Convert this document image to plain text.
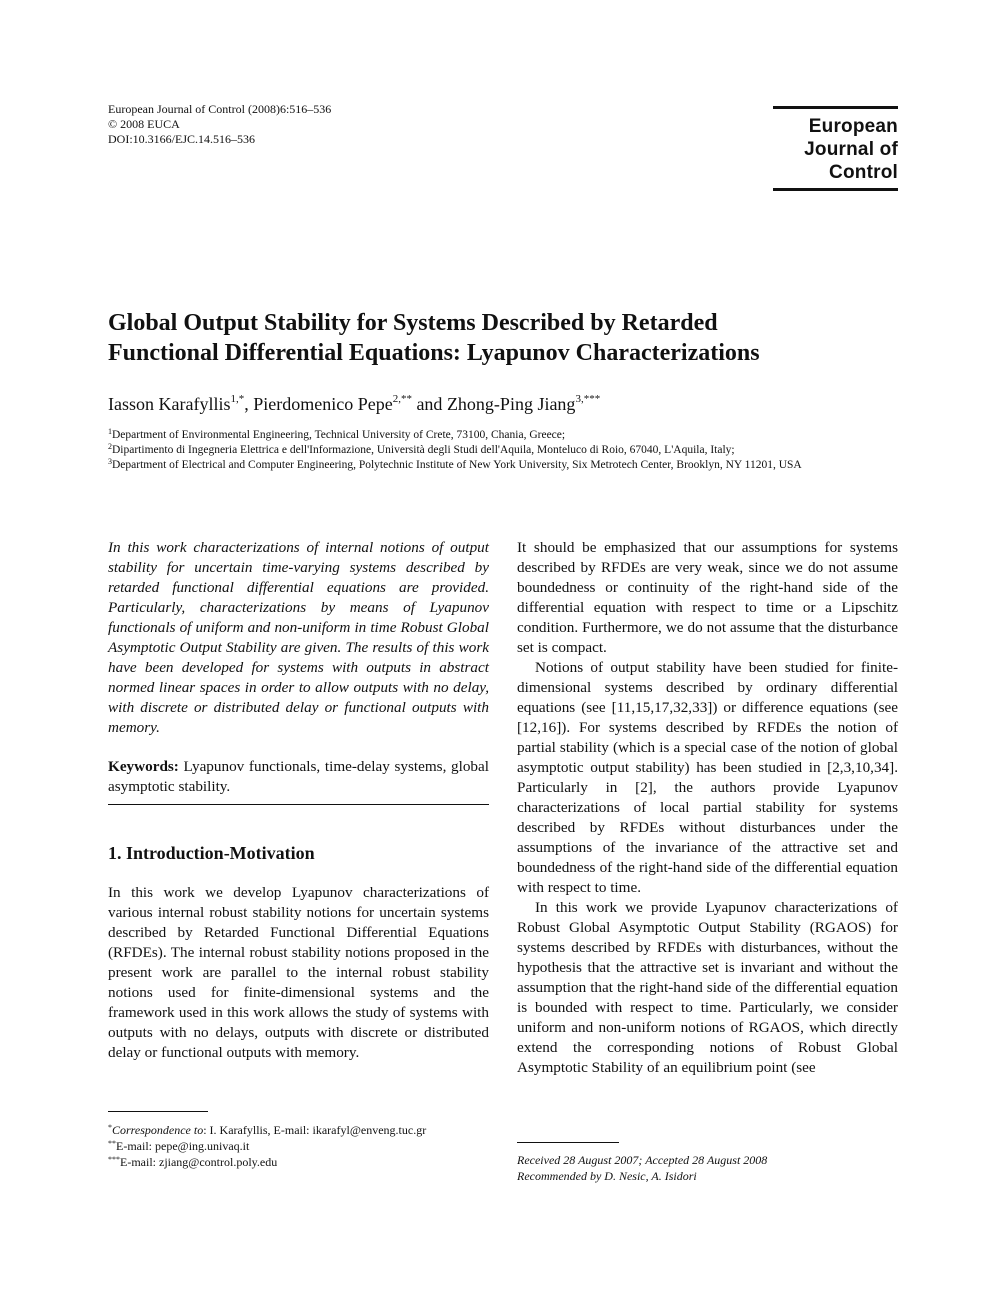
European Journal of Control (2008)6:516–536
© 2008 EUCA
DOI:10.3166/EJC.14.516–536
European
Journal of
Control
Global Output Stability for Systems Described by Retarded
Functional Differential Equations: Lyapunov Characterizations
Iasson Karafyllis$^{1,*}$, Pierdomenico Pepe$^{2,**}$ and Zhong-Ping Jiang$^{3,***}$
$^1$Department of Environmental Engineering, Technical University of Crete, 73100, Chania, Greece;
$^2$Dipartimento di Ingegneria Elettrica e dell'Informazione, Università degli Studi dell'Aquila, Monteluco di Roio, 67040, L'Aquila, Italy;
$^3$Department of Electrical and Computer Engineering, Polytechnic Institute of New York University, Six Metrotech Center, Brooklyn, NY 11201, USA
In this work characterizations of internal notions of output stability for uncertain time-varying systems described by retarded functional differential equations are provided. Particularly, characterizations by means of Lyapunov functionals of uniform and non-uniform in time Robust Global Asymptotic Output Stability are given. The results of this work have been developed for systems with outputs in abstract normed linear spaces in order to allow outputs with no delay, with discrete or distributed delay or functional outputs with memory.
Keywords: Lyapunov functionals, time-delay systems, global asymptotic stability.
1. Introduction-Motivation

In this work we develop Lyapunov characterizations of various internal robust stability notions for uncertain systems described by Retarded Functional Differential Equations (RFDEs). The internal robust stability notions proposed in the present work are parallel to the internal robust stability notions used for finite-dimensional systems and the framework used in this work allows the study of systems with outputs with no delays, outputs with discrete or distributed delay or functional outputs with memory.

*Correspondence to: I. Karafyllis, E-mail: ikarafyl@enveng.tuc.gr
**E-mail: pepe@ing.univaq.it
***E-mail: zjiang@control.poly.edu

It should be emphasized that our assumptions for systems described by RFDEs are very weak, since we do not assume boundedness or continuity of the right-hand side of the differential equation with respect to time or a Lipschitz condition. Furthermore, we do not assume that the disturbance set is compact.

Notions of output stability have been studied for finite-dimensional systems described by ordinary differential equations (see [11,15,17,32,33]) or difference equations (see [12,16]). For systems described by RFDEs the notion of partial stability (which is a special case of the notion of global asymptotic output stability) has been studied in [2,3,10,34]. Particularly in [2], the authors provide Lyapunov characterizations of local partial stability for systems described by RFDEs without disturbances under the assumptions of the invariance of the attractive set and boundedness of the right-hand side of the differential equation with respect to time.

In this work we provide Lyapunov characterizations of Robust Global Asymptotic Output Stability (RGAOS) for systems described by RFDEs with disturbances, without the hypothesis that the attractive set is invariant and without the assumption that the right-hand side of the differential equation is bounded with respect to time. Particularly, we consider uniform and non-uniform notions of RGAOS, which directly extend the corresponding notions of Robust Global Asymptotic Stability of an equilibrium point (see

Received 28 August 2007; Accepted 28 August 2008
Recommended by D. Nesic, A. Isidori
